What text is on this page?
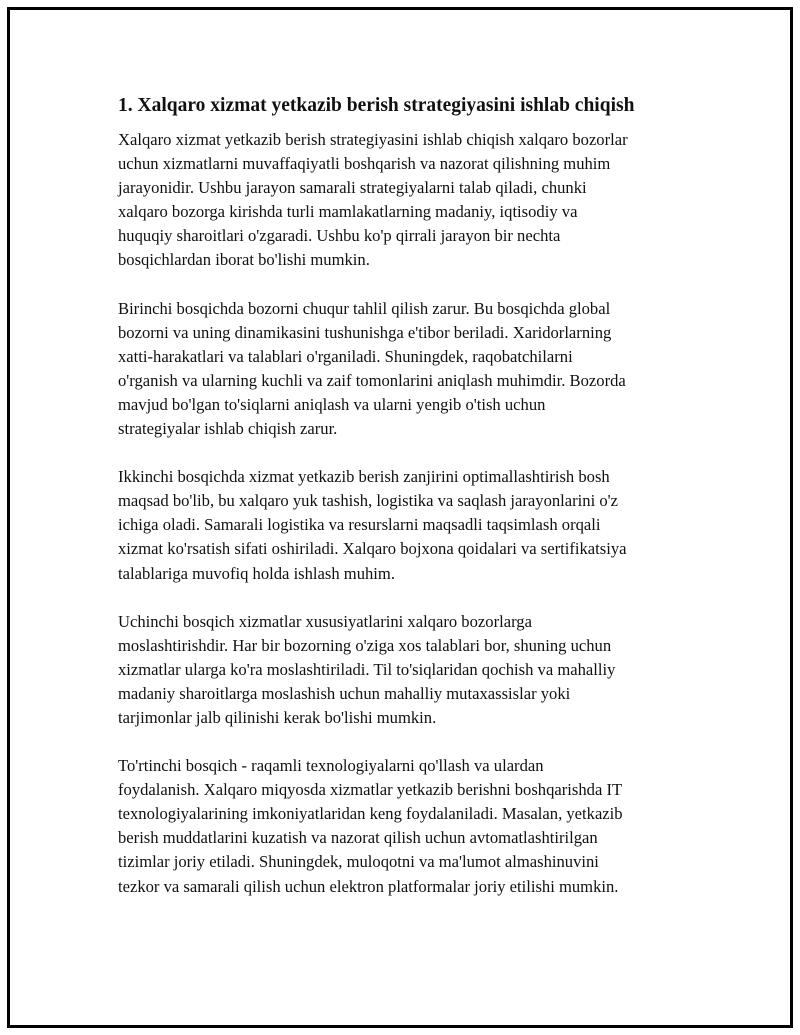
1. Xalqaro xizmat yetkazib berish strategiyasini ishlab chiqish

Xalqaro xizmat yetkazib berish strategiyasini ishlab chiqish xalqaro bozorlar
uchun xizmatlarni muvaffaqiyatli boshqarish va nazorat qilishning muhim
jarayonidir. Ushbu jarayon samarali strategiyalarni talab qiladi, chunki
xalqaro bozorga kirishda turli mamlakatlarning madaniy, iqtisodiy va
huquqiy sharoitlari o'zgaradi. Ushbu ko'p qirrali jarayon bir nechta
bosqichlardan iborat bo'lishi mumkin.

Birinchi bosqichda bozorni chuqur tahlil qilish zarur. Bu bosqichda global
bozorni va uning dinamikasini tushunishga e'tibor beriladi. Xaridorlarning
xatti-harakatlari va talablari o'rganiladi. Shuningdek, raqobatchilarni
o'rganish va ularning kuchli va zaif tomonlarini aniqlash muhimdir. Bozorda
mavjud bo'lgan to'siqlarni aniqlash va ularni yengib o'tish uchun
strategiyalar ishlab chiqish zarur.

Ikkinchi bosqichda xizmat yetkazib berish zanjirini optimallashtirish bosh
maqsad bo'lib, bu xalqaro yuk tashish, logistika va saqlash jarayonlarini o'z
ichiga oladi. Samarali logistika va resurslarni maqsadli taqsimlash orqali
xizmat ko'rsatish sifati oshiriladi. Xalqaro bojxona qoidalari va sertifikatsiya
talablariga muvofiq holda ishlash muhim.

Uchinchi bosqich xizmatlar xususiyatlarini xalqaro bozorlarga
moslashtirishdir. Har bir bozorning o'ziga xos talablari bor, shuning uchun
xizmatlar ularga ko'ra moslashtiriladi. Til to'siqlaridan qochish va mahalliy
madaniy sharoitlarga moslashish uchun mahalliy mutaxassislar yoki
tarjimonlar jalb qilinishi kerak bo'lishi mumkin.

To'rtinchi bosqich - raqamli texnologiyalarni qo'llash va ulardan
foydalanish. Xalqaro miqyosda xizmatlar yetkazib berishni boshqarishda IT
texnologiyalarining imkoniyatlaridan keng foydalaniladi. Masalan, yetkazib
berish muddatlarini kuzatish va nazorat qilish uchun avtomatlashtirilgan
tizimlar joriy etiladi. Shuningdek, muloqotni va ma'lumot almashinuvini
tezkor va samarali qilish uchun elektron platformalar joriy etilishi mumkin.
